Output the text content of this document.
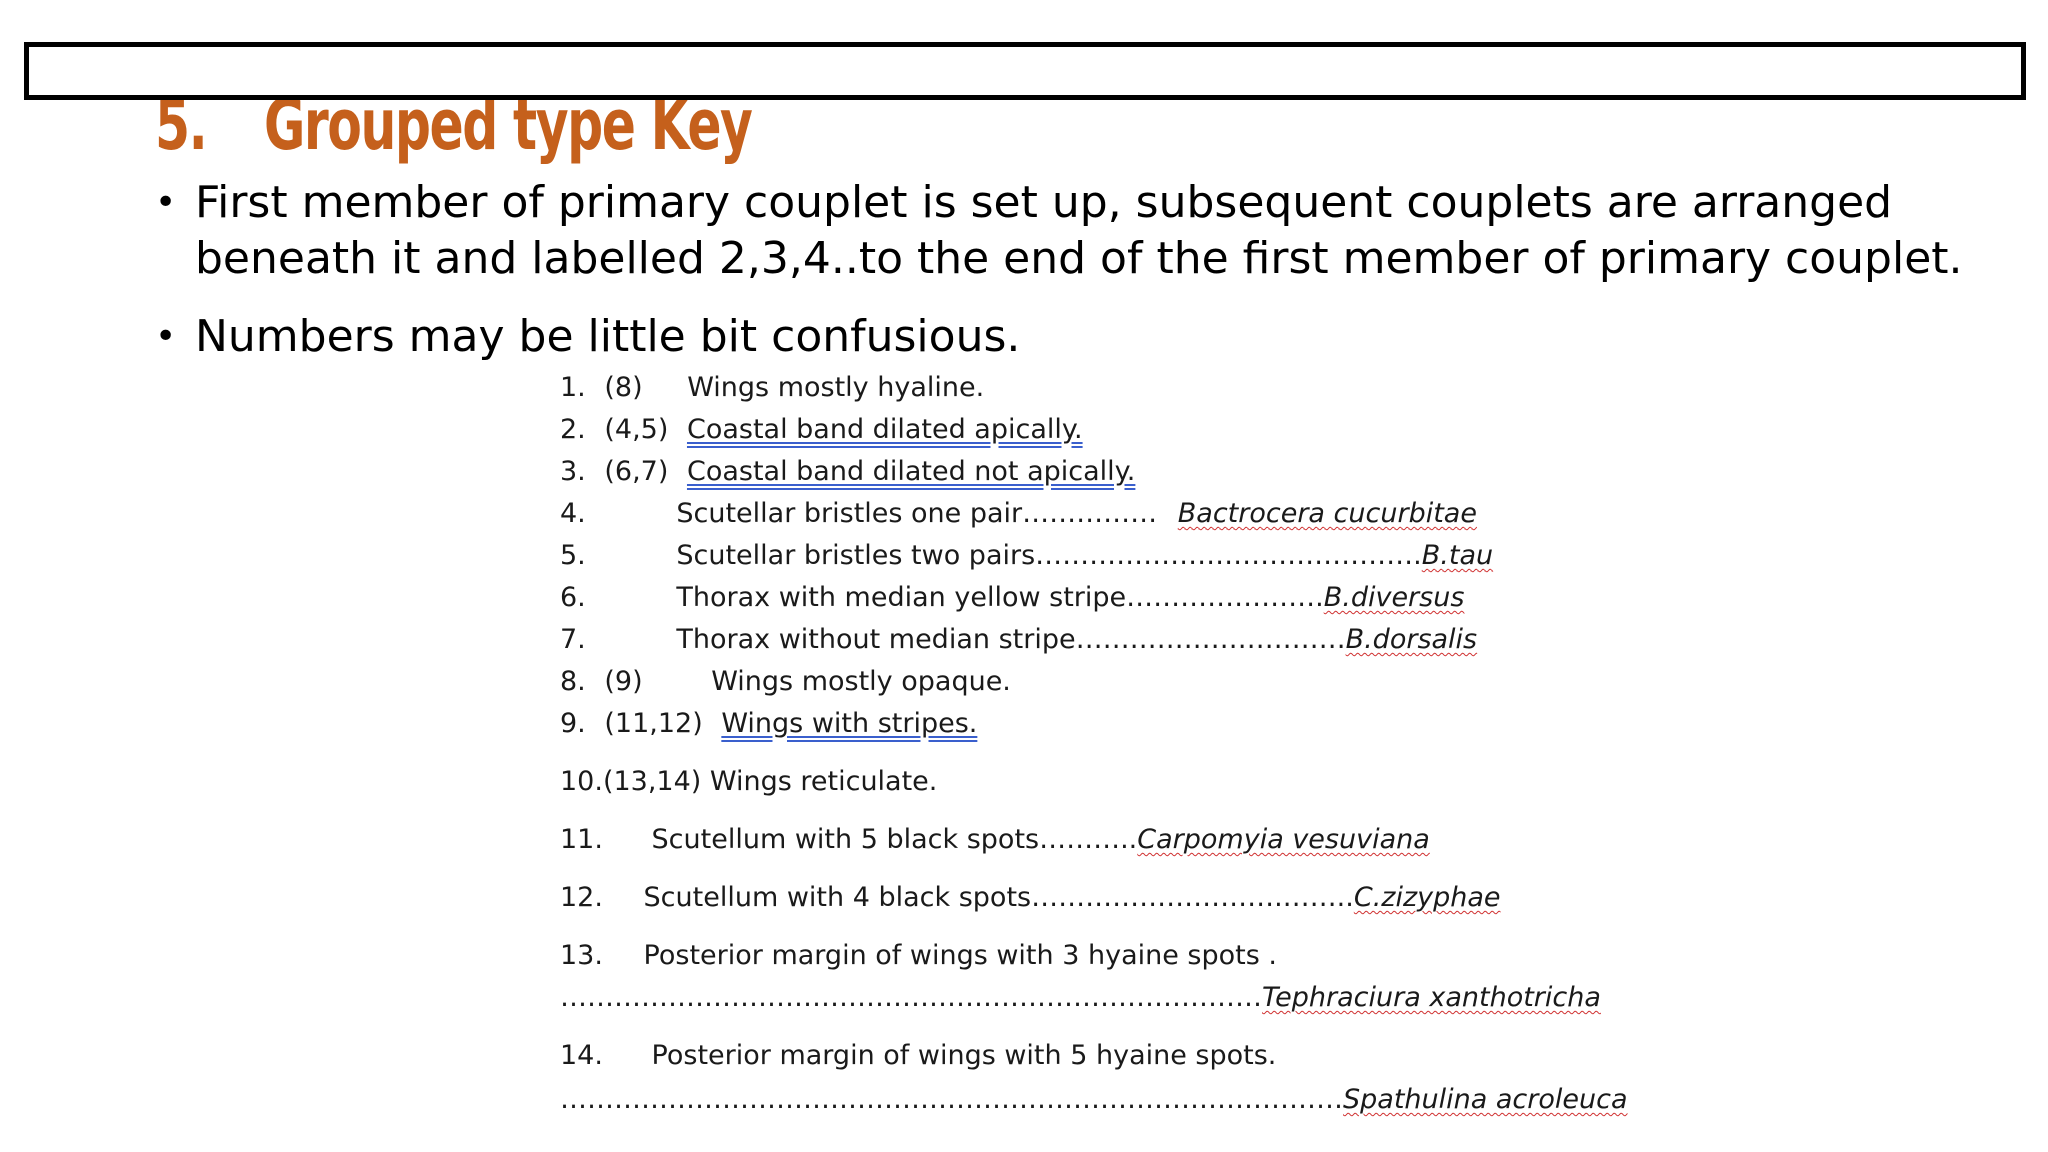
5. Grouped type Key
• First member of primary couplet is set up, subsequent couplets are arranged beneath it and labelled 2,3,4..to the end of the first member of primary couplet.
• Numbers may be little bit confusious.
1. (8) Wings mostly hyaline.
2. (4,5) Coastal band dilated apically.
3. (6,7) Coastal band dilated not apically.
4.	Scutellar bristles one pair…………… Bactrocera cucurbitae
5.	Scutellar bristles two pairs…………………………………….B.tau
6.	Thorax with median yellow stripe………………….B.diversus
7.	Thorax without median stripe…………………………B.dorsalis
8. (9)	Wings mostly opaque.
9. (11,12) Wings with stripes.
10.(13,14) Wings reticulate.
11. Scutellum with 5 black spots………..Carpomyia vesuviana
12. Scutellum with 4 black spots……………………….……..C.zizyphae
13. Posterior margin of wings with 3 hyaine spots .
……………………………………………………………………Tephraciura xanthotricha
14. Posterior margin of wings with 5 hyaine spots.
……………………………………………………………………………Spathulina acroleuca
